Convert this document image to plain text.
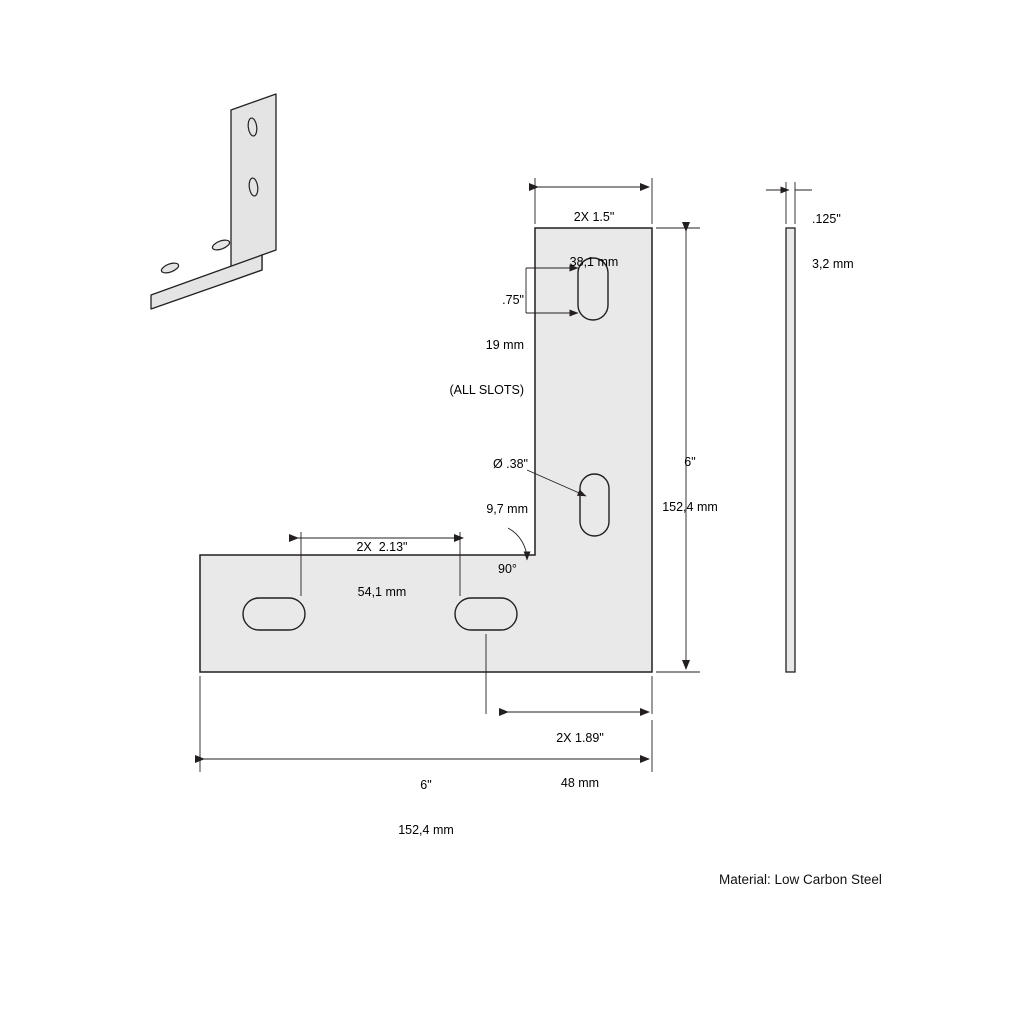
2X 1.5"

38,1 mm

.75"

19 mm

(ALL SLOTS)

Ø .38"

9,7 mm

2X  2.13"

54,1 mm

90°

2X 1.89"

48 mm

6"

152,4 mm

6"

152,4 mm

.125"

3,2 mm

Material: Low Carbon Steel
